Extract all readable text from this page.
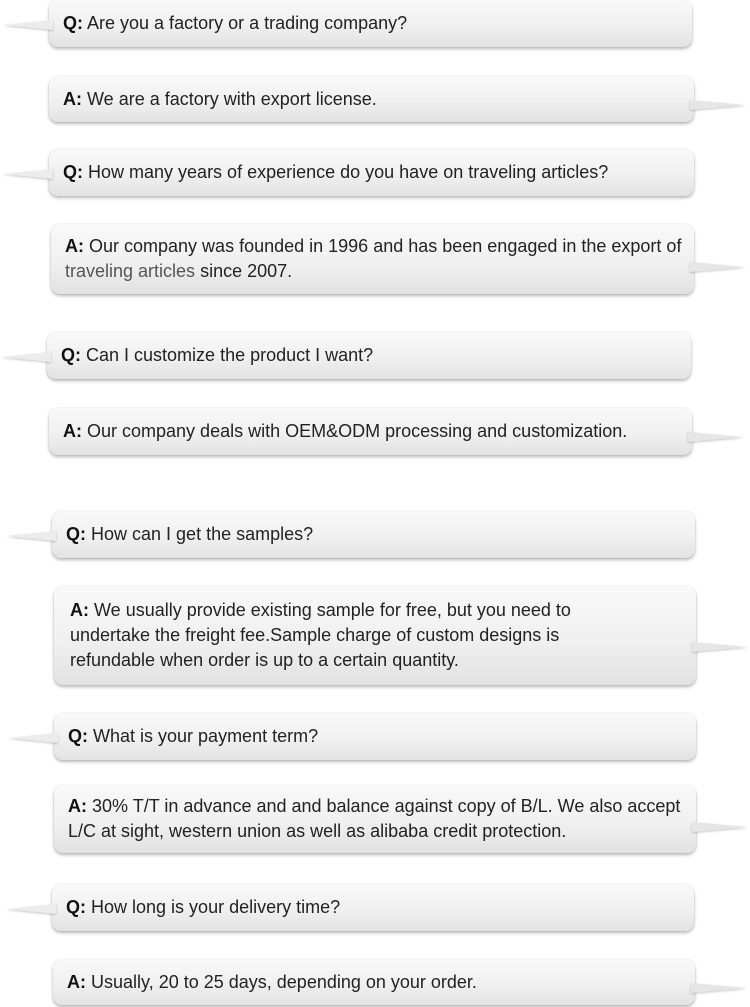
Q: Are you a factory or a trading company?
A: We are a factory with export license.
Q: How many years of experience do you have on traveling articles?
A: Our company was founded in 1996 and has been engaged in the export of traveling articles since 2007.
Q: Can I customize the product I want?
A: Our company deals with OEM&ODM processing and customization.
Q: How can I get the samples?
A: We usually provide existing sample for free, but you need to undertake the freight fee.Sample charge of custom designs is refundable when order is up to a certain quantity.
Q: What is your payment term?
A: 30% T/T in advance and and balance against copy of B/L. We also accept L/C at sight, western union as well as alibaba credit protection.
Q: How long is your delivery time?
A: Usually, 20 to 25 days, depending on your order.
